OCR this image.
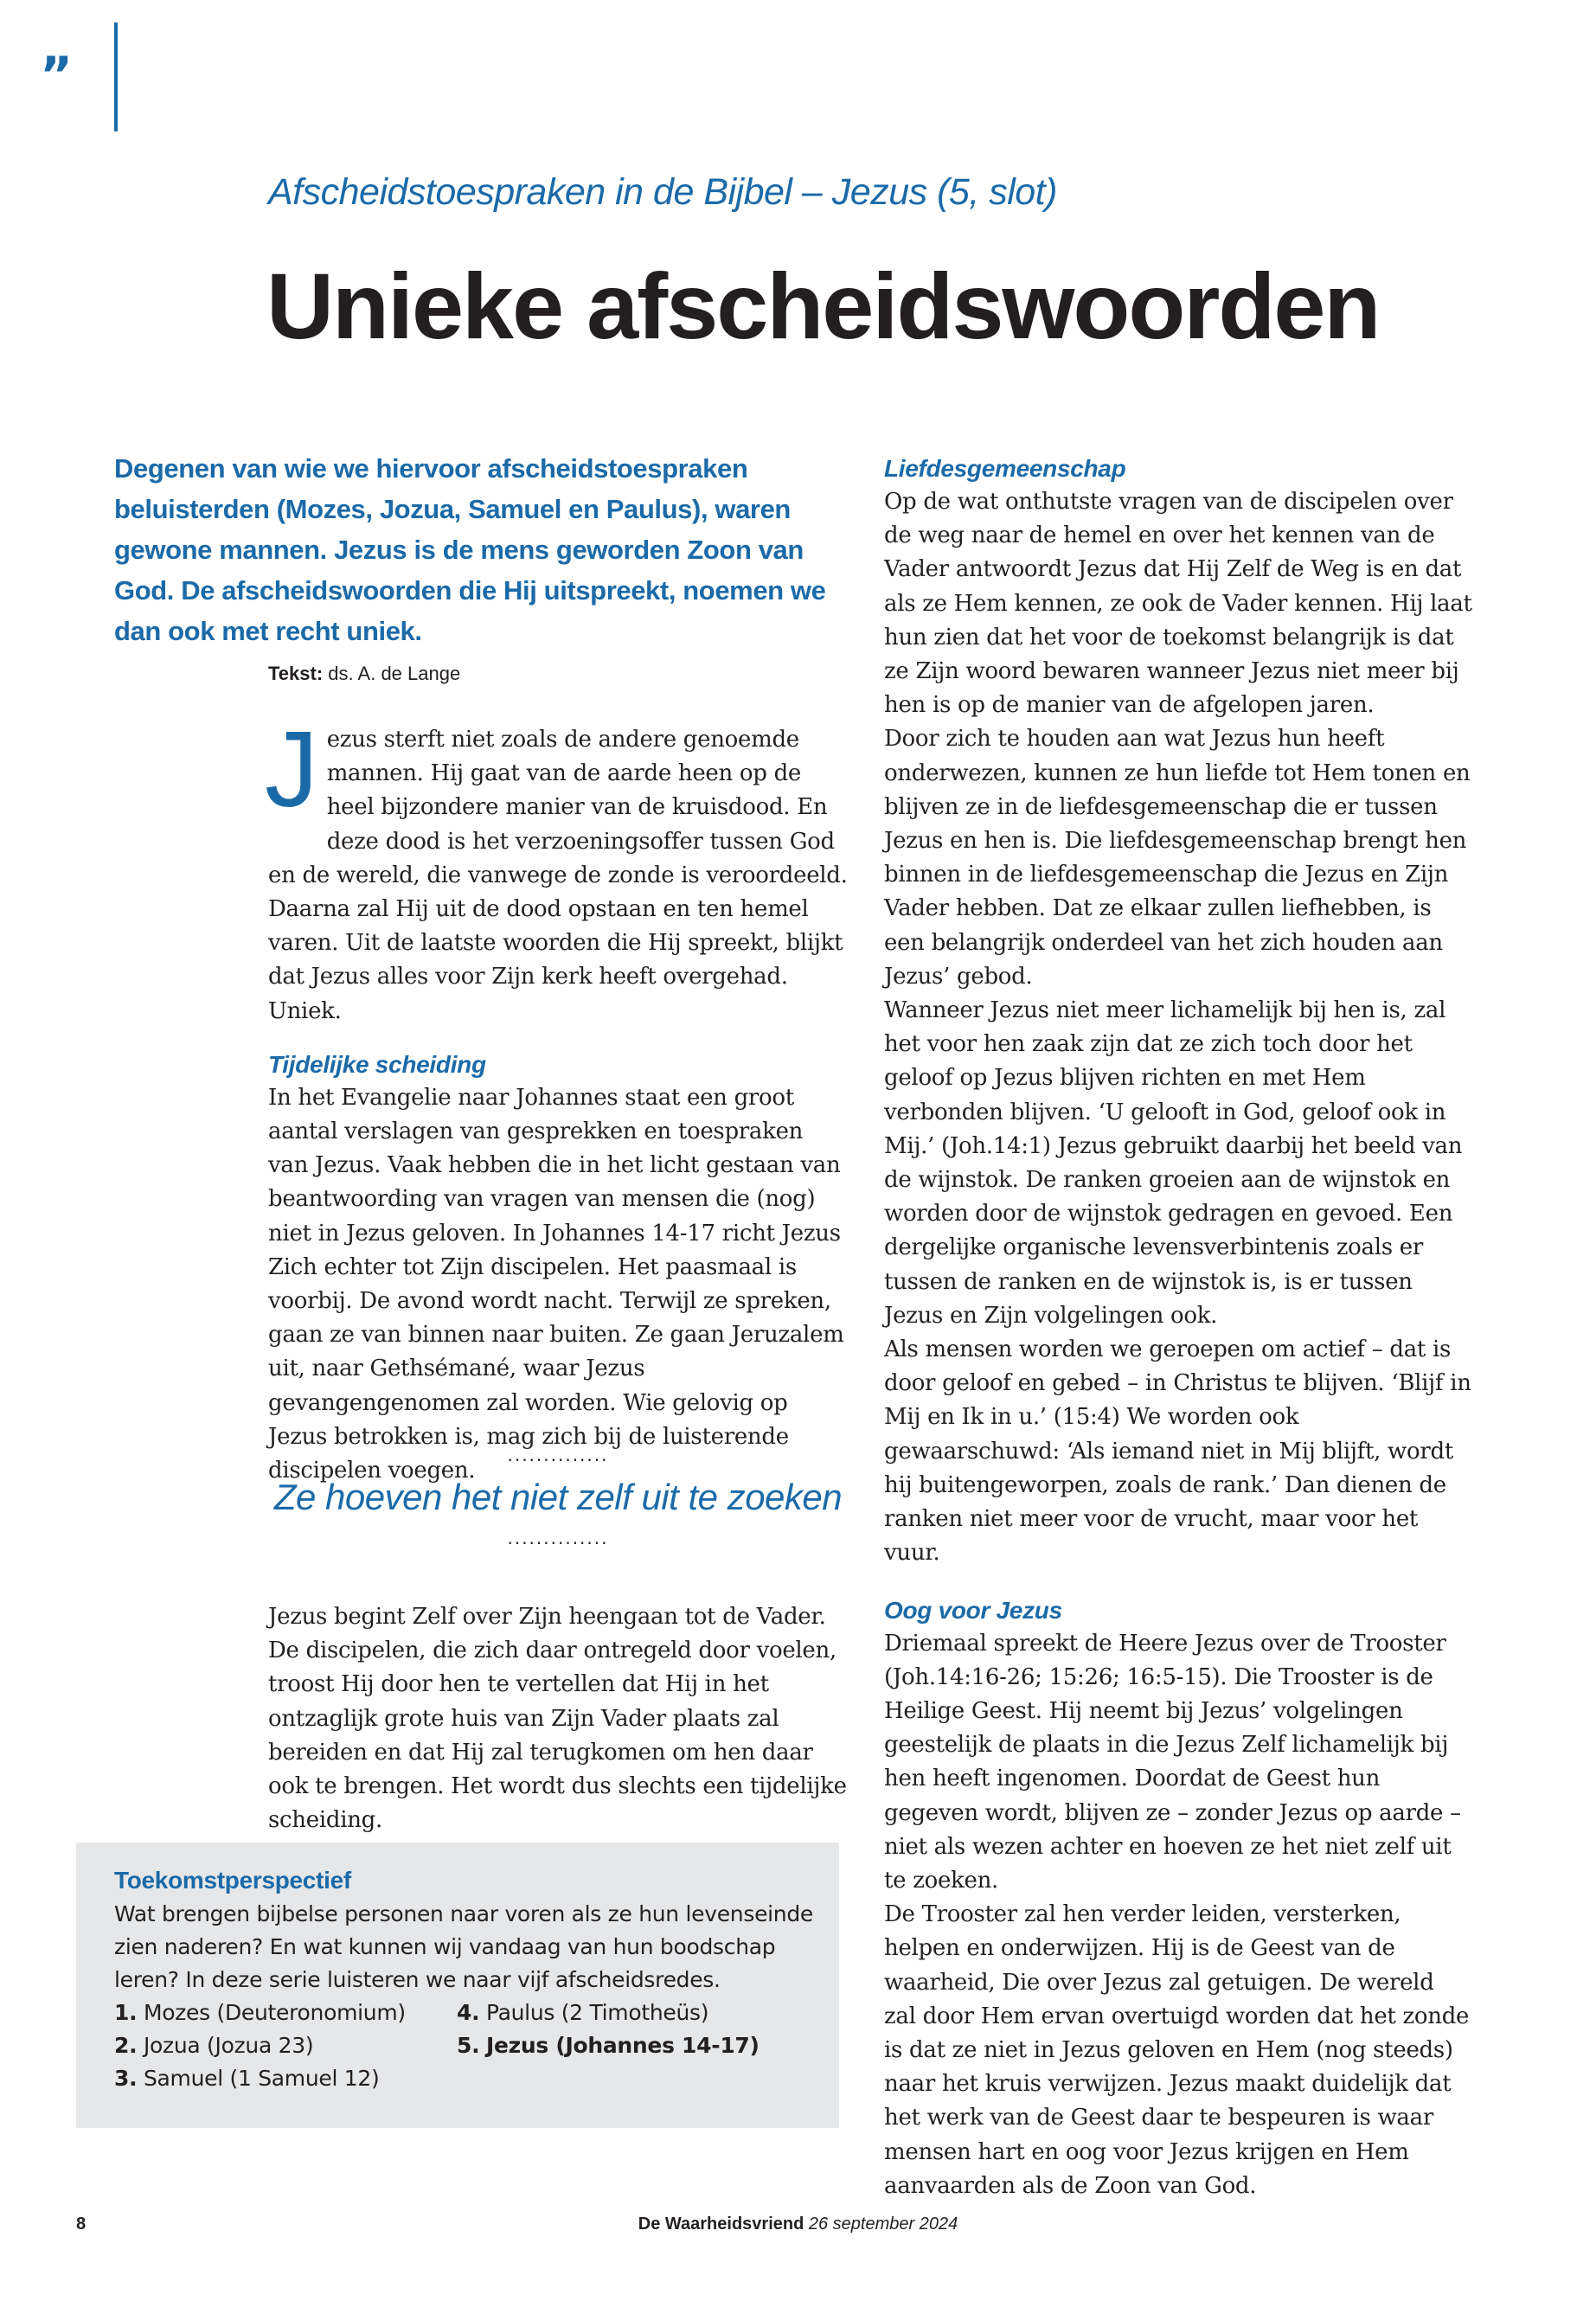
”
Afscheidstoespraken in de Bijbel – Jezus (5, slot)
Unieke afscheidswoorden
Degenen van wie we hiervoor afscheidstoespraken beluisterden (Mozes, Jozua, Samuel en Paulus), waren gewone mannen. Jezus is de mens geworden Zoon van God. De afscheidswoorden die Hij uitspreekt, noemen we dan ook met recht uniek.
Tekst: ds. A. de Lange

Jezus sterft niet zoals de andere genoemde mannen. Hij gaat van de aarde heen op de heel bijzondere manier van de kruisdood. En deze dood is het verzoeningsoffer tussen God en de wereld, die vanwege de zonde is veroordeeld. Daarna zal Hij uit de dood opstaan en ten hemel varen. Uit de laatste woorden die Hij spreekt, blijkt dat Jezus alles voor Zijn kerk heeft overgehad. Uniek.

Tijdelijke scheiding

In het Evangelie naar Johannes staat een groot aantal verslagen van gesprekken en toespraken van Jezus. Vaak hebben die in het licht gestaan van beantwoording van vragen van mensen die (nog) niet in Jezus geloven. In Johannes 14-17 richt Jezus Zich echter tot Zijn discipelen. Het paasmaal is voorbij. De avond wordt nacht. Terwijl ze spreken, gaan ze van binnen naar buiten. Ze gaan Jeruzalem uit, naar Gethsémané, waar Jezus gevangengenomen zal worden. Wie gelovig op Jezus betrokken is, mag zich bij de luisterende discipelen voegen.

..............
Ze hoeven het niet zelf uit te zoeken
..............

Jezus begint Zelf over Zijn heengaan tot de Vader. De discipelen, die zich daar ontregeld door voelen, troost Hij door hen te vertellen dat Hij in het ontzaglijk grote huis van Zijn Vader plaats zal bereiden en dat Hij zal terugkomen om hen daar ook te brengen. Het wordt dus slechts een tijdelijke scheiding.

Liefdesgemeenschap

Op de wat onthutste vragen van de discipelen over de weg naar de hemel en over het kennen van de Vader antwoordt Jezus dat Hij Zelf de Weg is en dat als ze Hem kennen, ze ook de Vader kennen. Hij laat hun zien dat het voor de toekomst belangrijk is dat ze Zijn woord bewaren wanneer Jezus niet meer bij hen is op de manier van de afgelopen jaren.

Door zich te houden aan wat Jezus hun heeft onderwezen, kunnen ze hun liefde tot Hem tonen en blijven ze in de liefdesgemeenschap die er tussen Jezus en hen is. Die liefdesgemeenschap brengt hen binnen in de liefdesgemeenschap die Jezus en Zijn Vader hebben. Dat ze elkaar zullen liefhebben, is een belangrijk onderdeel van het zich houden aan Jezus’ gebod.

Wanneer Jezus niet meer lichamelijk bij hen is, zal het voor hen zaak zijn dat ze zich toch door het geloof op Jezus blijven richten en met Hem verbonden blijven. ‘U gelooft in God, geloof ook in Mij.’ (Joh.14:1) Jezus gebruikt daarbij het beeld van de wijnstok. De ranken groeien aan de wijnstok en worden door de wijnstok gedragen en gevoed. Een dergelijke organische levensverbintenis zoals er tussen de ranken en de wijnstok is, is er tussen Jezus en Zijn volgelingen ook.

Als mensen worden we geroepen om actief – dat is door geloof en gebed – in Christus te blijven. ‘Blijf in Mij en Ik in u.’ (15:4) We worden ook gewaarschuwd: ‘Als iemand niet in Mij blijft, wordt hij buitengeworpen, zoals de rank.’ Dan dienen de ranken niet meer voor de vrucht, maar voor het vuur.

Oog voor Jezus

Driemaal spreekt de Heere Jezus over de Trooster (Joh.14:16-26; 15:26; 16:5-15). Die Trooster is de Heilige Geest. Hij neemt bij Jezus’ volgelingen geestelijk de plaats in die Jezus Zelf lichamelijk bij hen heeft ingenomen. Doordat de Geest hun gegeven wordt, blijven ze – zonder Jezus op aarde – niet als wezen achter en hoeven ze het niet zelf uit te zoeken.

De Trooster zal hen verder leiden, versterken, helpen en onderwijzen. Hij is de Geest van de waarheid, Die over Jezus zal getuigen. De wereld zal door Hem ervan overtuigd worden dat het zonde is dat ze niet in Jezus geloven en Hem (nog steeds) naar het kruis verwijzen. Jezus maakt duidelijk dat het werk van de Geest daar te bespeuren is waar mensen hart en oog voor Jezus krijgen en Hem aanvaarden als de Zoon van God.

Toekomstperspectief
Wat brengen bijbelse personen naar voren als ze hun levenseinde zien naderen? En wat kunnen wij vandaag van hun boodschap leren? In deze serie luisteren we naar vijf afscheidsredes.
1. Mozes (Deuteronomium)	4. Paulus (2 Timotheüs)
2. Jozua (Jozua 23)	5. Jezus (Johannes 14-17)
3. Samuel (1 Samuel 12)
8	De Waarheidsvriend 26 september 2024
